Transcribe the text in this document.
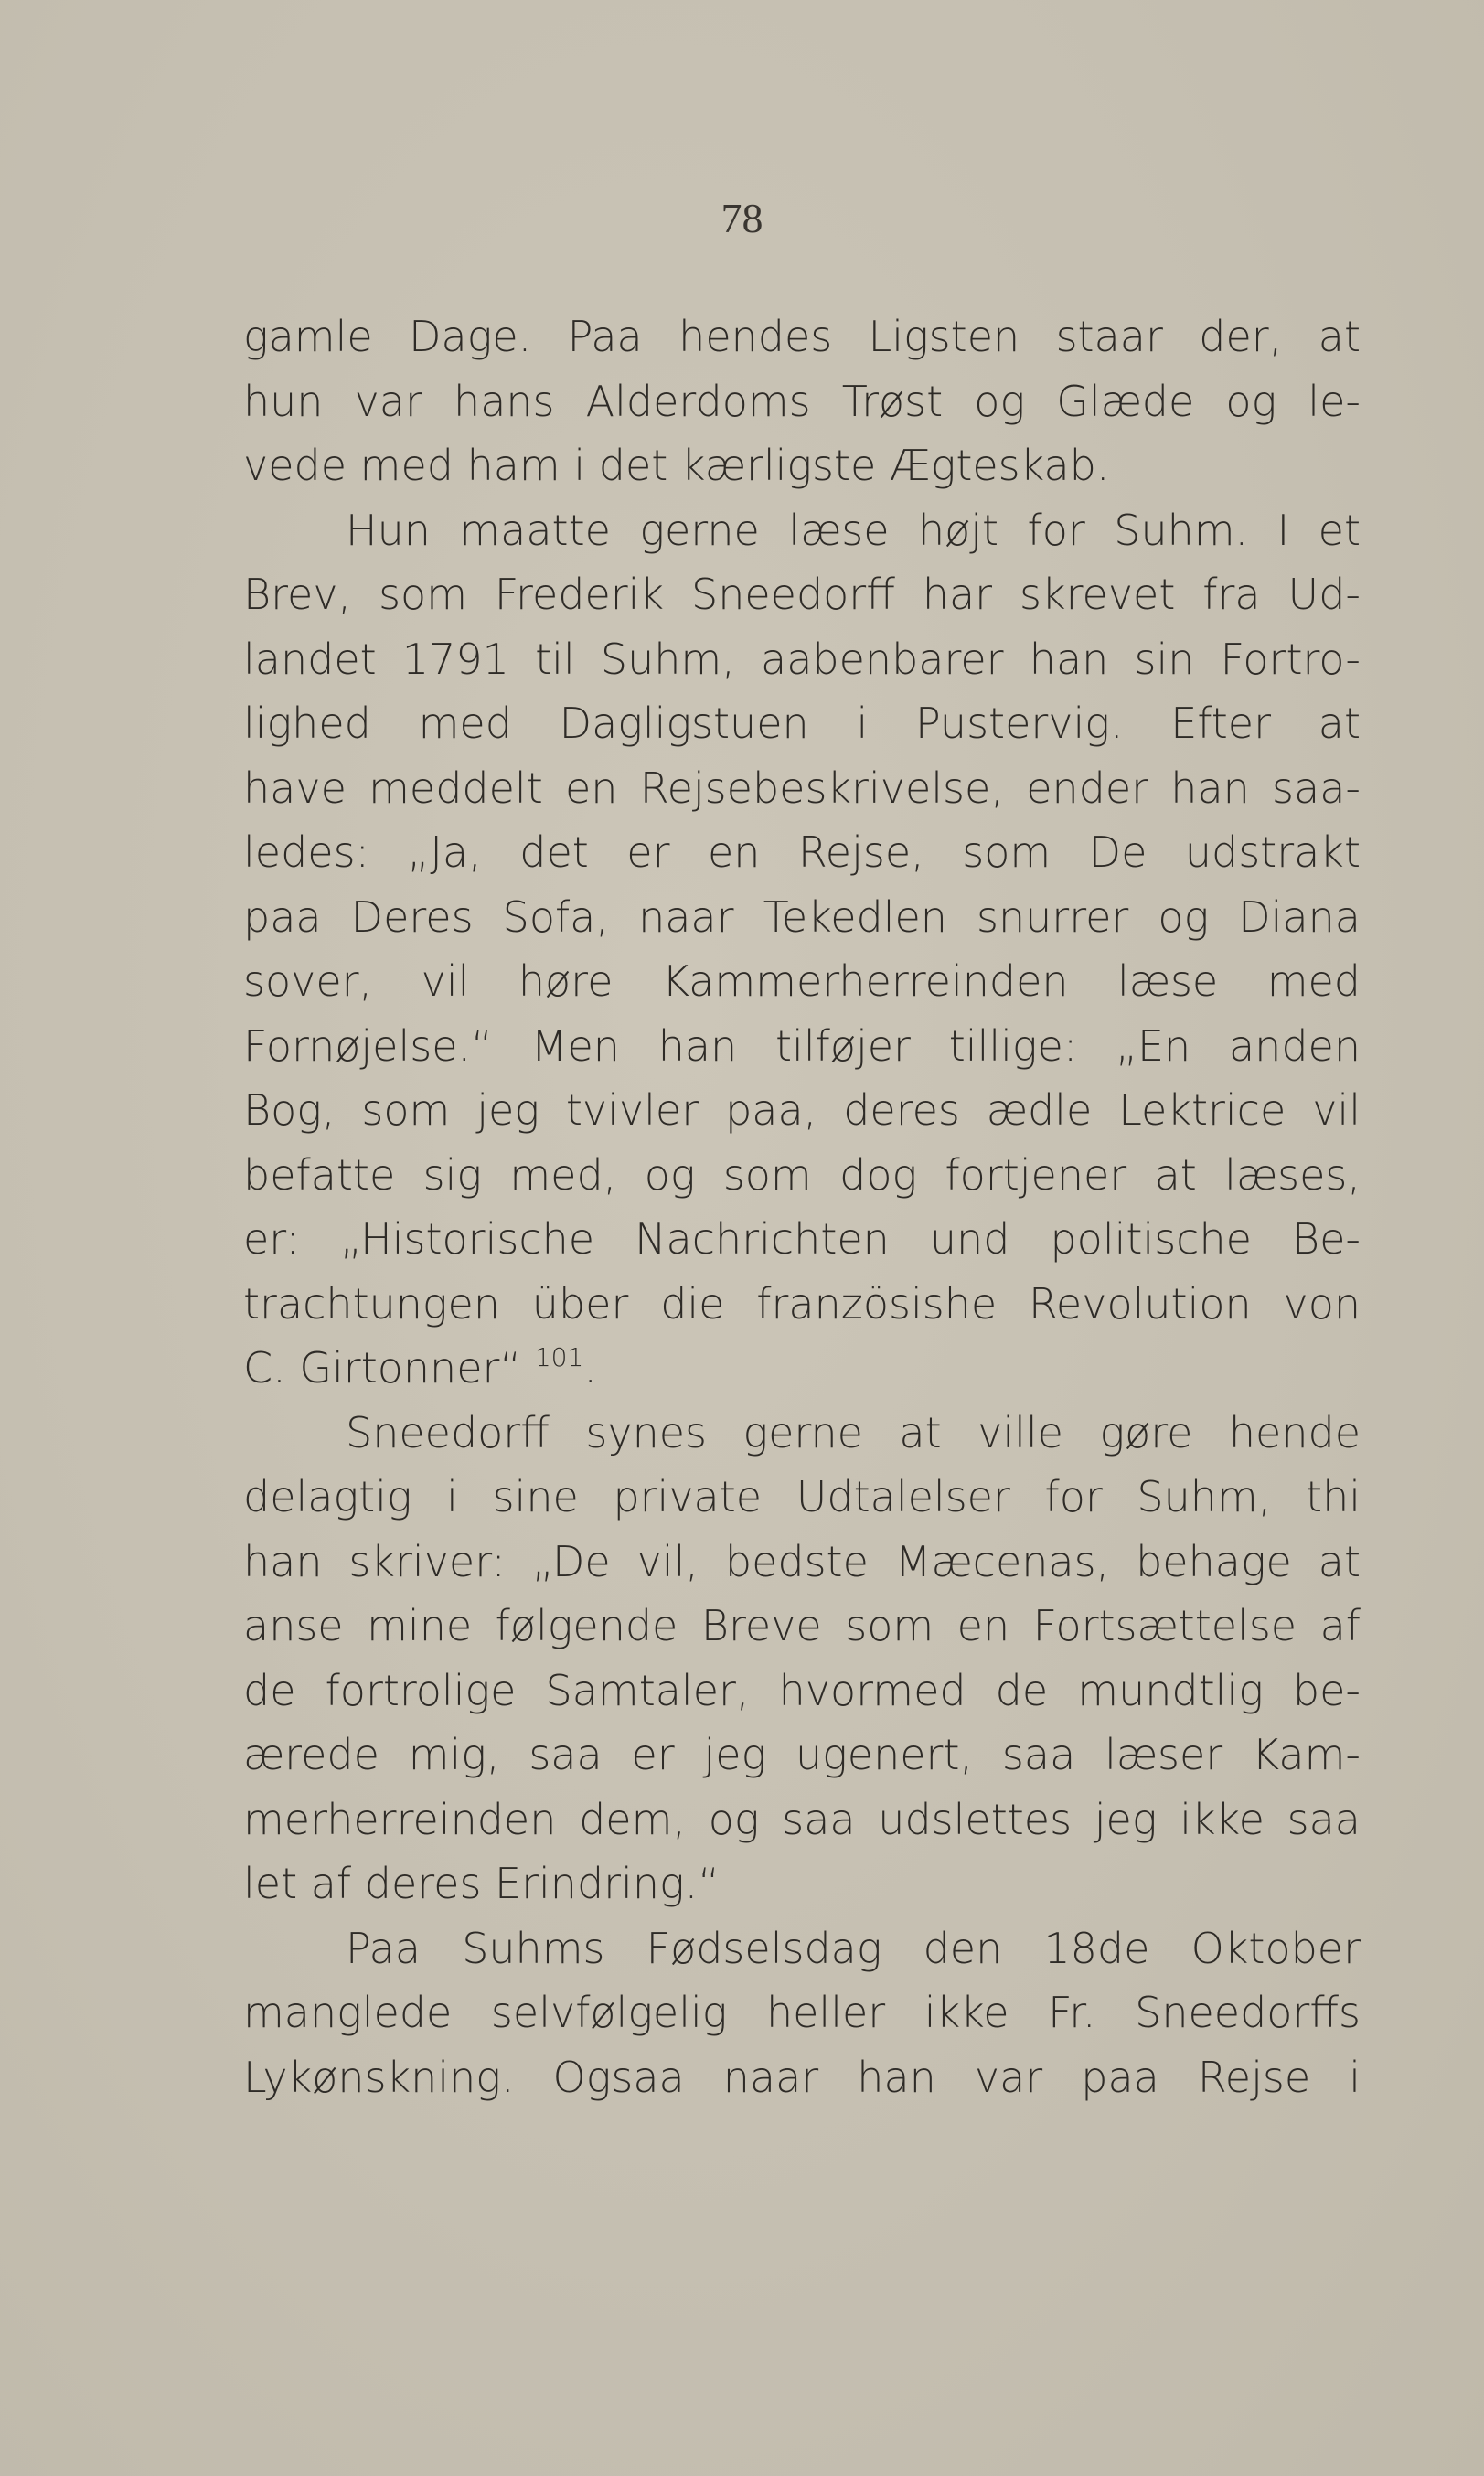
78
gamle Dage. Paa hendes Ligsten staar der, at
hun var hans Alderdoms Trøst og Glæde og le-
vede med ham i det kærligste Ægteskab.
Hun maatte gerne læse højt for Suhm. I et
Brev, som Frederik Sneedorff har skrevet fra Ud-
landet 1791 til Suhm, aabenbarer han sin Fortro-
lighed med Dagligstuen i Pustervig. Efter at
have meddelt en Rejsebeskrivelse, ender han saa-
ledes: „Ja, det er en Rejse, som De udstrakt
paa Deres Sofa, naar Tekedlen snurrer og Diana
sover, vil høre Kammerherreinden læse med
Fornøjelse.“ Men han tilføjer tillige: „En anden
Bog, som jeg tvivler paa, deres ædle Lektrice vil
befatte sig med, og som dog fortjener at læses,
er: „Historische Nachrichten und politische Be-
trachtungen über die französishe Revolution von
C. Girtonner“ $^{101}$.
Sneedorff synes gerne at ville gøre hende
delagtig i sine private Udtalelser for Suhm, thi
han skriver: „De vil, bedste Mæcenas, behage at
anse mine følgende Breve som en Fortsættelse af
de fortrolige Samtaler, hvormed de mundtlig be-
ærede mig, saa er jeg ugenert, saa læser Kam-
merherreinden dem, og saa udslettes jeg ikke saa
let af deres Erindring.“
Paa Suhms Fødselsdag den 18de Oktober
manglede selvfølgelig heller ikke Fr. Sneedorffs
Lykønskning. Ogsaa naar han var paa Rejse i
